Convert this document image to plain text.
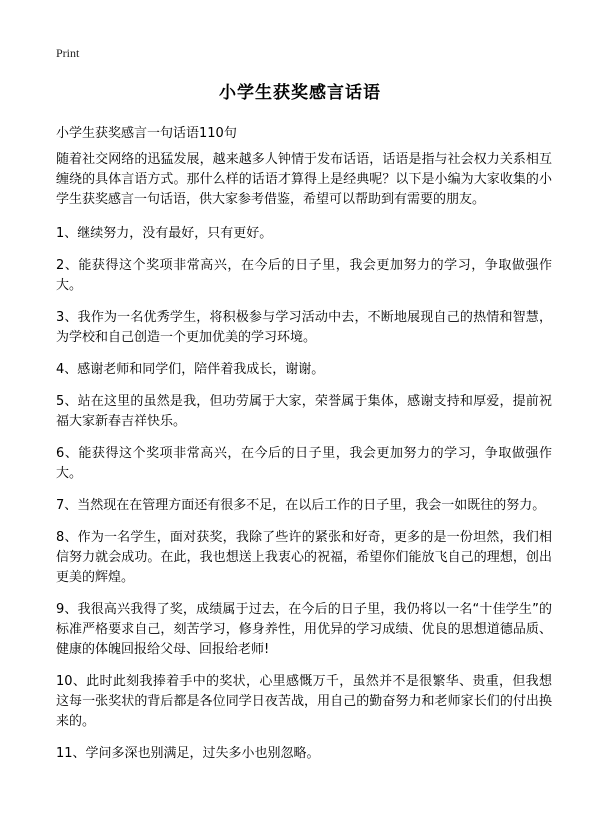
Print
小学生获奖感言话语
小学生获奖感言一句话语110句

随着社交网络的迅猛发展，越来越多人钟情于发布话语，话语是指与社会权力关系相互缠绕的具体言语方式。那什么样的话语才算得上是经典呢？以下是小编为大家收集的小学生获奖感言一句话语，供大家参考借鉴，希望可以帮助到有需要的朋友。

1、继续努力，没有最好，只有更好。

2、能获得这个奖项非常高兴，在今后的日子里，我会更加努力的学习，争取做强作大。

3、我作为一名优秀学生，将积极参与学习活动中去，不断地展现自己的热情和智慧，为学校和自己创造一个更加优美的学习环境。

4、感谢老师和同学们，陪伴着我成长，谢谢。

5、站在这里的虽然是我，但功劳属于大家，荣誉属于集体，感谢支持和厚爱，提前祝福大家新春吉祥快乐。

6、能获得这个奖项非常高兴，在今后的日子里，我会更加努力的学习，争取做强作大。

7、当然现在在管理方面还有很多不足，在以后工作的日子里，我会一如既往的努力。

8、作为一名学生，面对获奖，我除了些许的紧张和好奇，更多的是一份坦然，我们相信努力就会成功。在此，我也想送上我衷心的祝福，希望你们能放飞自己的理想，创出更美的辉煌。

9、我很高兴我得了奖，成绩属于过去，在今后的日子里，我仍将以一名“十佳学生”的标准严格要求自己，刻苦学习，修身养性，用优异的学习成绩、优良的思想道德品质、健康的体魄回报给父母、回报给老师!

10、此时此刻我捧着手中的奖状，心里感慨万千，虽然并不是很繁华、贵重，但我想这每一张奖状的背后都是各位同学日夜苦战，用自己的勤奋努力和老师家长们的付出换来的。

11、学问多深也别满足，过失多小也别忽略。
